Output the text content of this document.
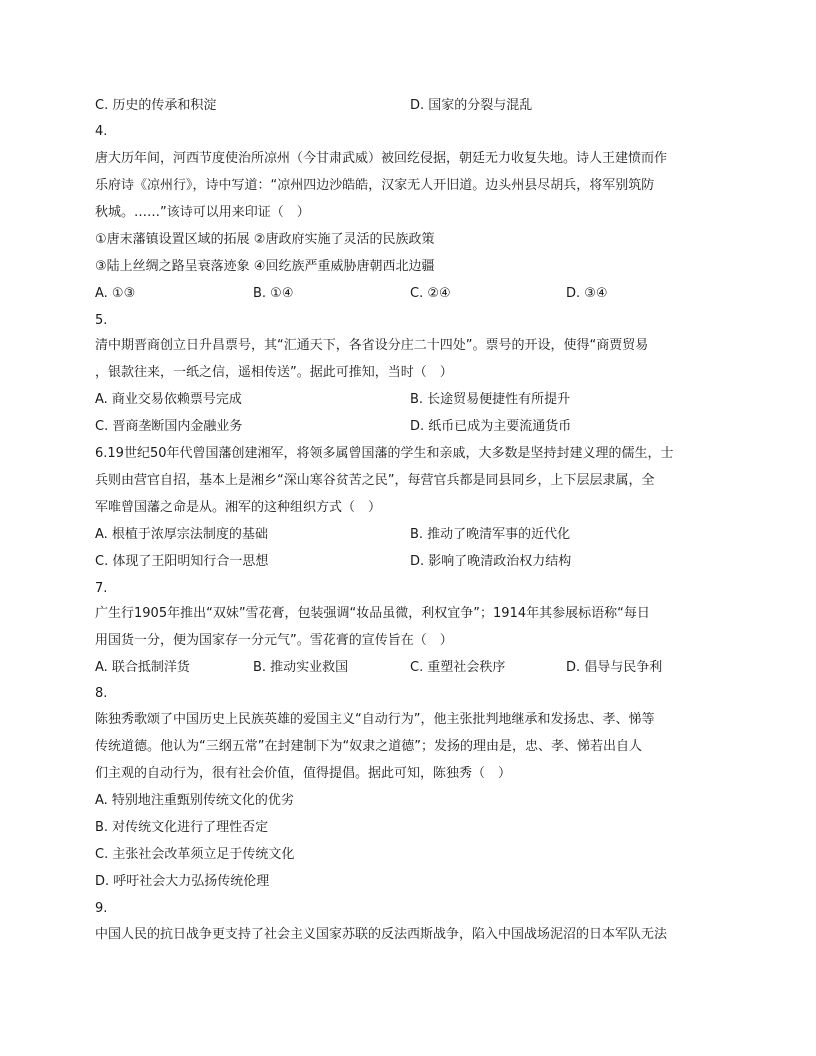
C. 历史的传承和积淀	D. 国家的分裂与混乱
4.
唐大历年间，河西节度使治所凉州（今甘肃武威）被回纥侵据，朝廷无力收复失地。诗人王建愤而作
乐府诗《凉州行》，诗中写道：“凉州四边沙皓皓，汉家无人开旧道。边头州县尽胡兵，将军别筑防
秋城。……”该诗可以用来印证（　）
①唐末藩镇设置区域的拓展 ②唐政府实施了灵活的民族政策
③陆上丝绸之路呈衰落迹象 ④回纥族严重威胁唐朝西北边疆
A. ①③	B. ①④	C. ②④	D. ③④
5.
清中期晋商创立日升昌票号，其“汇通天下，各省设分庄二十四处”。票号的开设，使得“商贾贸易
，银款往来，一纸之信，遥相传送”。据此可推知，当时（　）
A. 商业交易依赖票号完成	B. 长途贸易便捷性有所提升
C. 晋商垄断国内金融业务	D. 纸币已成为主要流通货币
6.19世纪50年代曾国藩创建湘军，将领多属曾国藩的学生和亲戚，大多数是坚持封建义理的儒生，士
兵则由营官自招，基本上是湘乡“深山寒谷贫苦之民”，每营官兵都是同县同乡，上下层层隶属，全
军唯曾国藩之命是从。湘军的这种组织方式（　）
A. 根植于浓厚宗法制度的基础	B. 推动了晚清军事的近代化
C. 体现了王阳明知行合一思想	D. 影响了晚清政治权力结构
7.
广生行1905年推出“双妹”雪花膏，包装强调“妆品虽微，利权宜争”；1914年其参展标语称“每日
用国货一分，便为国家存一分元气”。雪花膏的宣传旨在（　）
A. 联合抵制洋货	B. 推动实业救国	C. 重塑社会秩序	D. 倡导与民争利
8.
陈独秀歌颂了中国历史上民族英雄的爱国主义“自动行为”，他主张批判地继承和发扬忠、孝、悌等
传统道德。他认为“三纲五常”在封建制下为“奴隶之道德”；发扬的理由是，忠、孝、悌若出自人
们主观的自动行为，很有社会价值，值得提倡。据此可知，陈独秀（　）
A. 特别地注重甄别传统文化的优劣
B. 对传统文化进行了理性否定
C. 主张社会改革须立足于传统文化
D. 呼吁社会大力弘扬传统伦理
9.
中国人民的抗日战争更支持了社会主义国家苏联的反法西斯战争，陷入中国战场泥沼的日本军队无法
